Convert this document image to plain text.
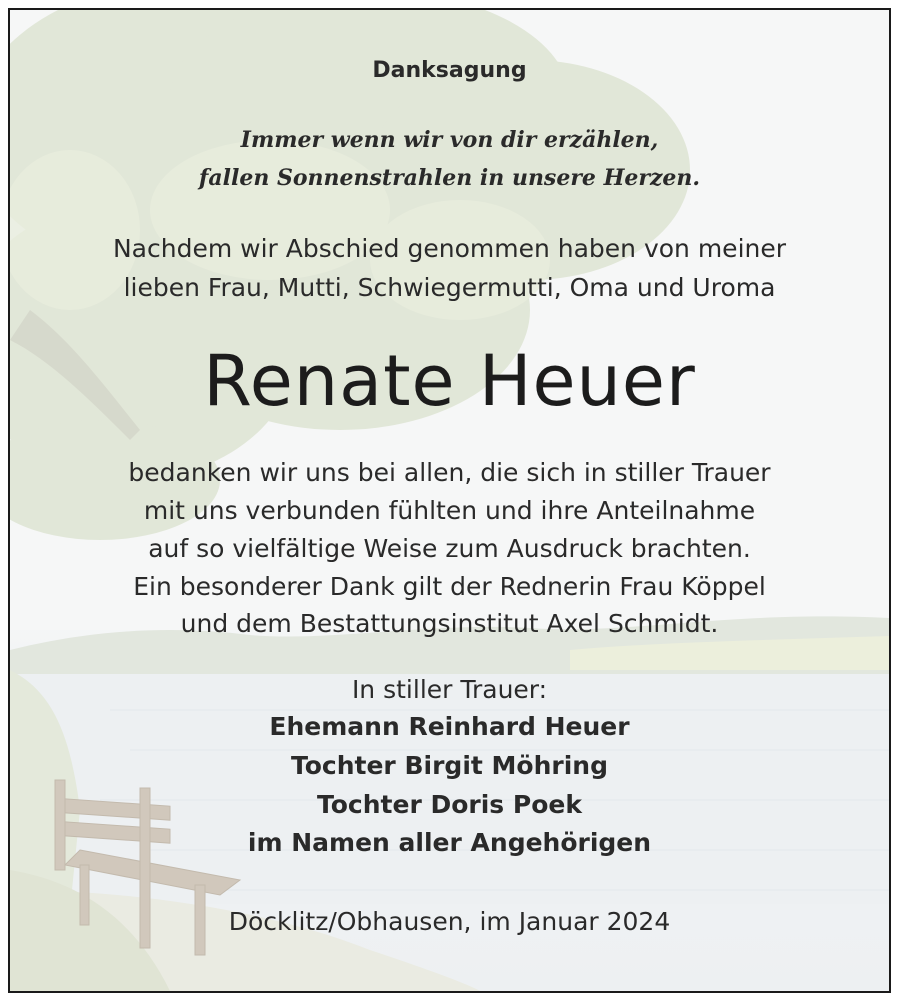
Danksagung
Immer wenn wir von dir erzählen,
fallen Sonnenstrahlen in unsere Herzen.
Nachdem wir Abschied genommen haben von meiner
lieben Frau, Mutti, Schwiegermutti, Oma und Uroma
Renate Heuer
bedanken wir uns bei allen, die sich in stiller Trauer
mit uns verbunden fühlten und ihre Anteilnahme
auf so vielfältige Weise zum Ausdruck brachten.
Ein besonderer Dank gilt der Rednerin Frau Köppel
und dem Bestattungsinstitut Axel Schmidt.
In stiller Trauer:
Ehemann Reinhard Heuer
Tochter Birgit Möhring
Tochter Doris Poek
im Namen aller Angehörigen
Döcklitz/Obhausen, im Januar 2024
